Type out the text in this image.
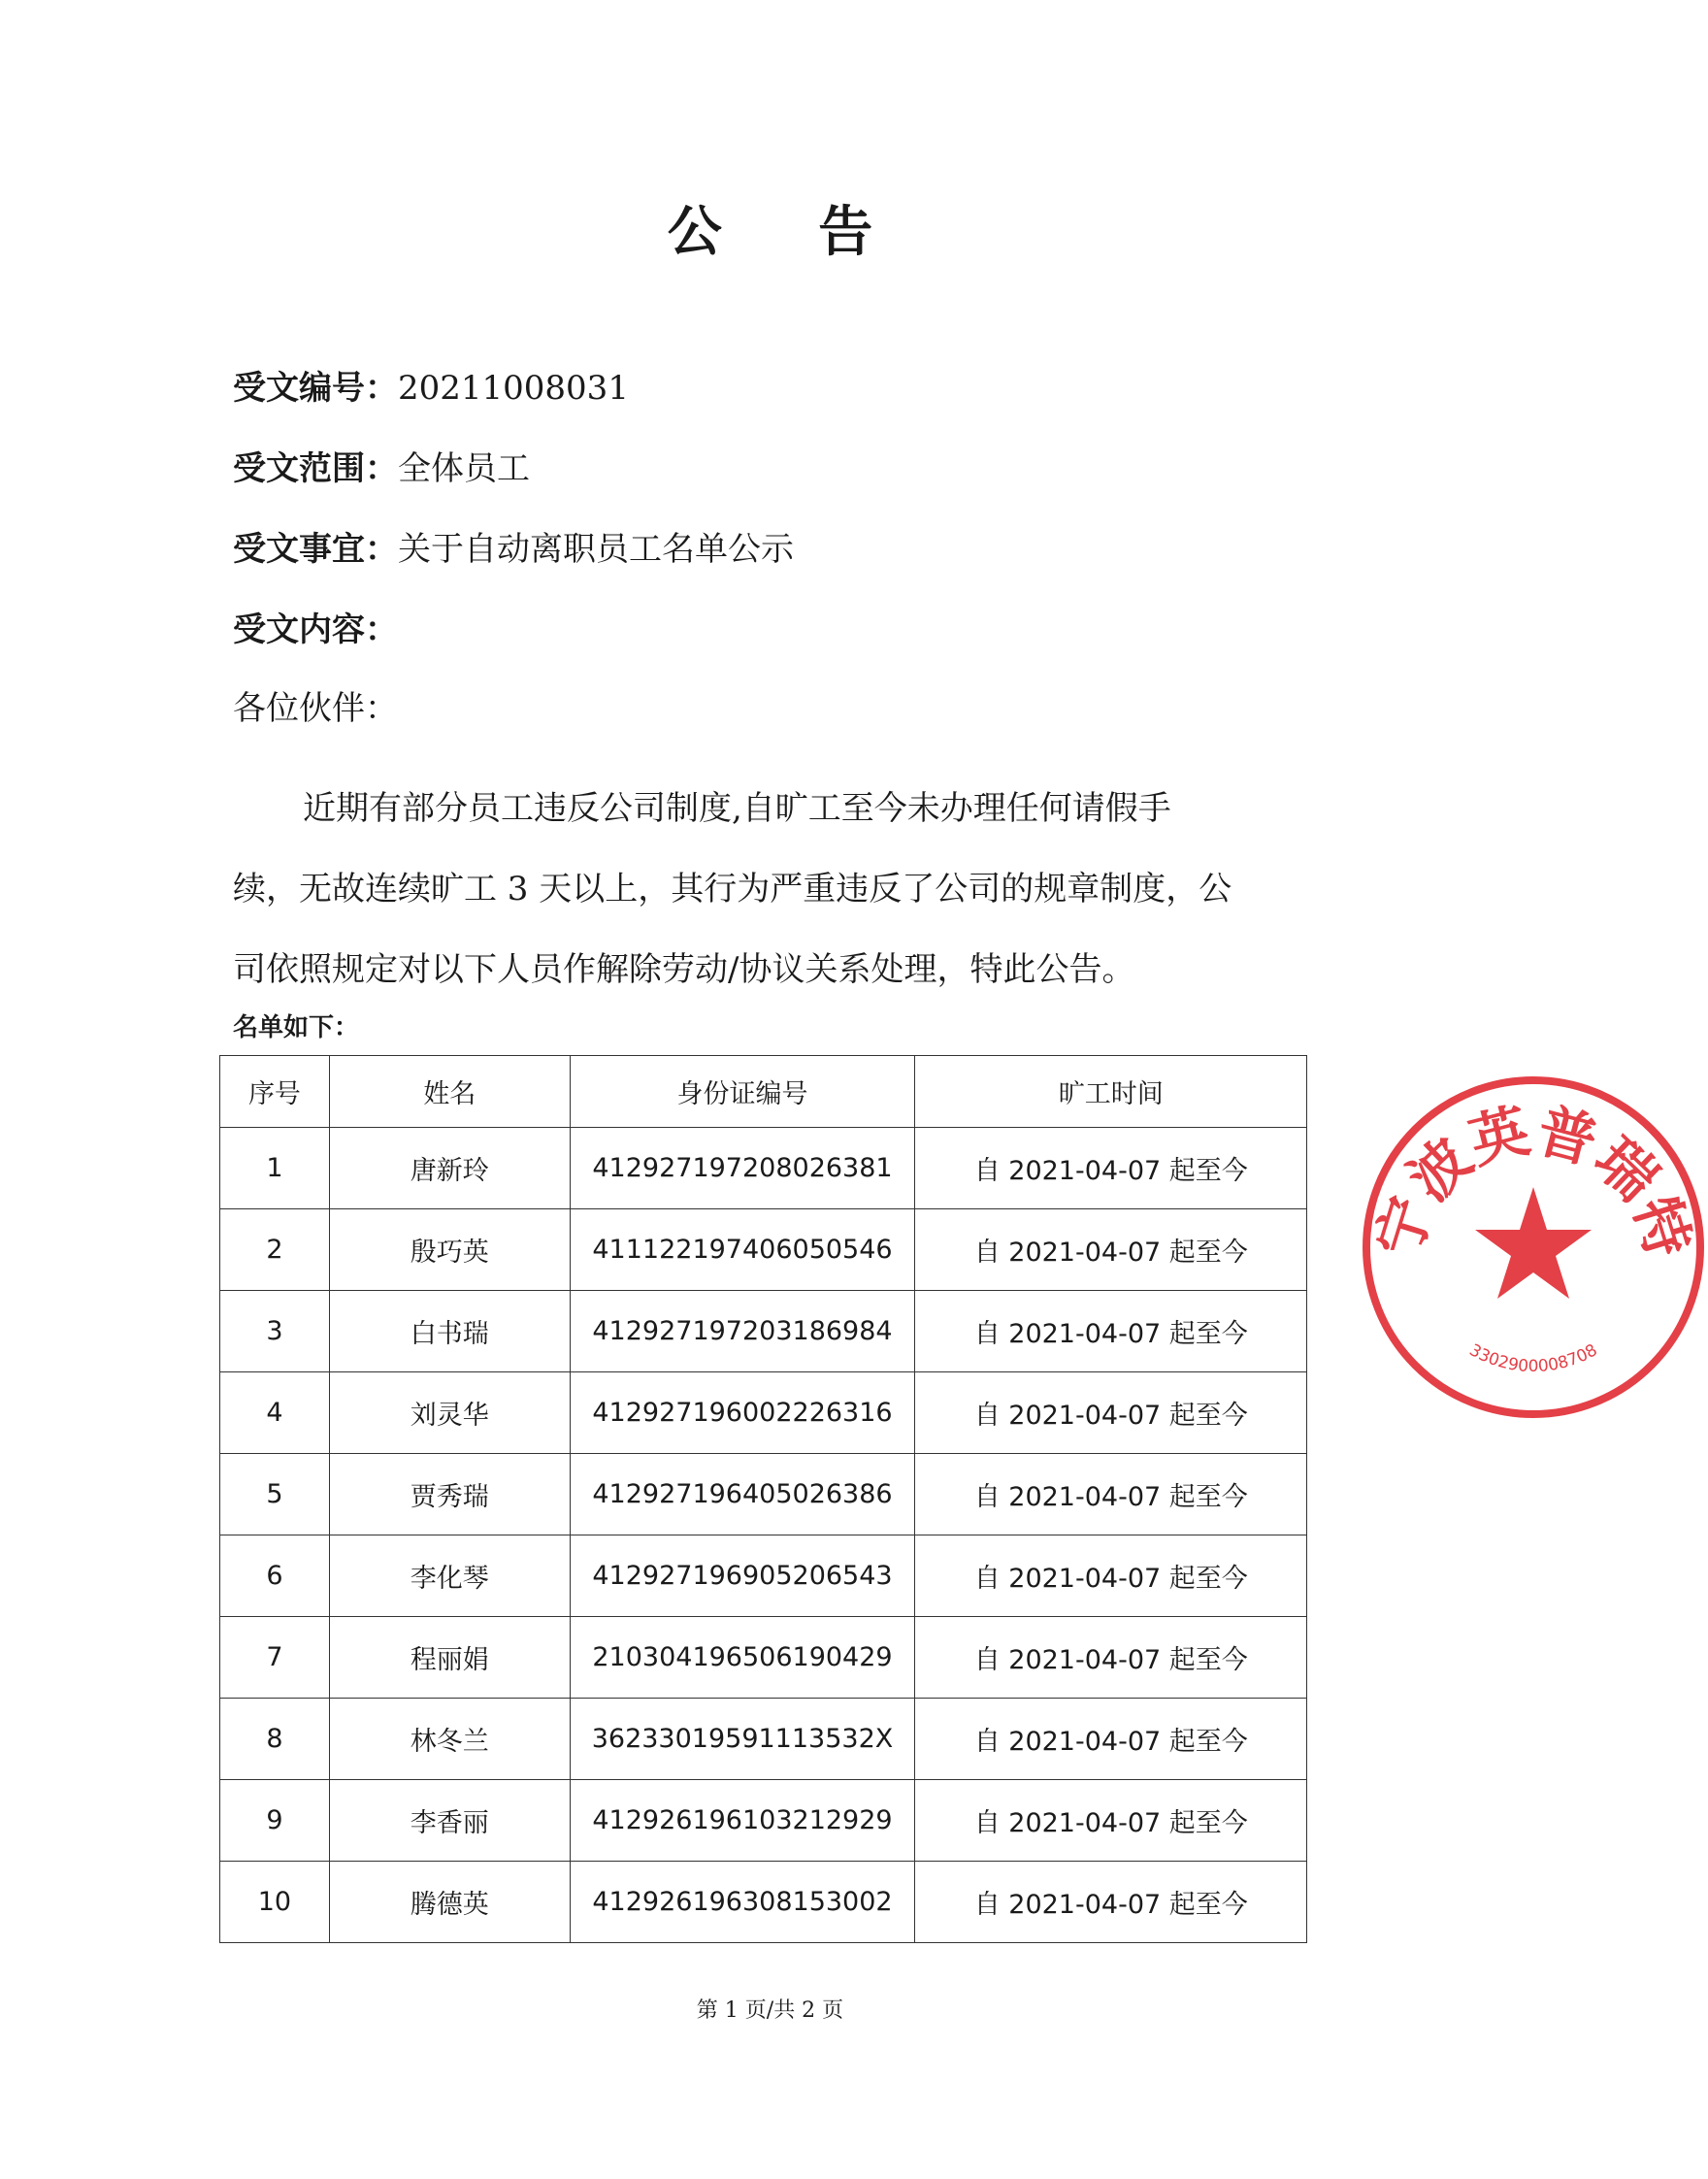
公 告
受文编号：20211008031
受文范围：全体员工
受文事宜：关于自动离职员工名单公示
受文内容：
各位伙伴：

近期有部分员工违反公司制度,自旷工至今未办理任何请假手

续，无故连续旷工 3 天以上，其行为严重违反了公司的规章制度，公

司依照规定对以下人员作解除劳动/协议关系处理，特此公告。

名单如下：
序号	姓名	身份证编号	旷工时间
1	唐新玲	412927197208026381	自 2021-04-07 起至今
2	殷巧英	411122197406050546	自 2021-04-07 起至今
3	白书瑞	412927197203186984	自 2021-04-07 起至今
4	刘灵华	412927196002226316	自 2021-04-07 起至今
5	贾秀瑞	412927196405026386	自 2021-04-07 起至今
6	李化琴	412927196905206543	自 2021-04-07 起至今
7	程丽娟	210304196506190429	自 2021-04-07 起至今
8	林冬兰	36233019591113532X	自 2021-04-07 起至今
9	李香丽	412926196103212929	自 2021-04-07 起至今
10	腾德英	412926196308153002	自 2021-04-07 起至今
宁波英普瑞特
3302900008708
第 1 页/共 2 页
